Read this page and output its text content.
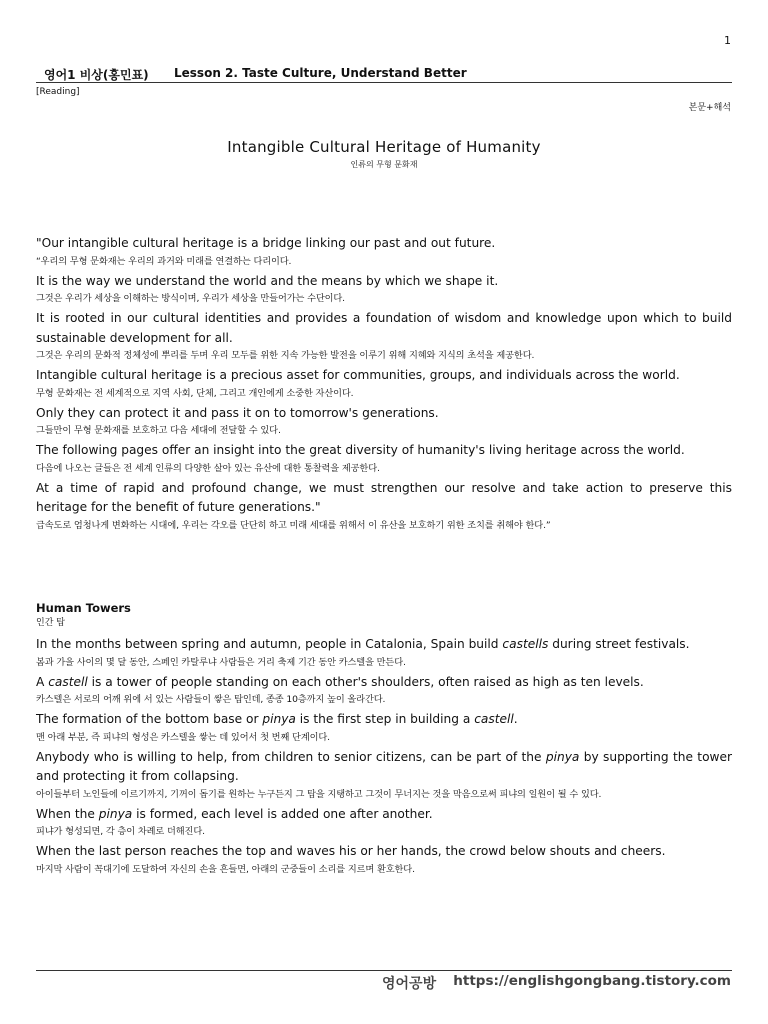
1
영어1 비상(홍민표) Lesson 2. Taste Culture, Understand Better
[Reading]
본문+해석
Intangible Cultural Heritage of Humanity
인류의 무형 문화재
"Our intangible cultural heritage is a bridge linking our past and out future.
“우리의 무형 문화재는 우리의 과거와 미래를 연결하는 다리이다.
It is the way we understand the world and the means by which we shape it.
그것은 우리가 세상을 이해하는 방식이며, 우리가 세상을 만들어가는 수단이다.
It is rooted in our cultural identities and provides a foundation of wisdom and knowledge upon which to build sustainable development for all.
그것은 우리의 문화적 정체성에 뿌리를 두며 우리 모두를 위한 지속 가능한 발전을 이루기 위해 지혜와 지식의 초석을 제공한다.
Intangible cultural heritage is a precious asset for communities, groups, and individuals across the world.
무형 문화재는 전 세계적으로 지역 사회, 단체, 그리고 개인에게 소중한 자산이다.
Only they can protect it and pass it on to tomorrow's generations.
그들만이 무형 문화재를 보호하고 다음 세대에 전달할 수 있다.
The following pages offer an insight into the great diversity of humanity's living heritage across the world.
다음에 나오는 글들은 전 세계 인류의 다양한 살아 있는 유산에 대한 통찰력을 제공한다.
At a time of rapid and profound change, we must strengthen our resolve and take action to preserve this heritage for the benefit of future generations."
급속도로 엄청나게 변화하는 시대에, 우리는 각오를 단단히 하고 미래 세대를 위해서 이 유산을 보호하기 위한 조치를 취해야 한다.”
Human Towers
인간 탑
In the months between spring and autumn, people in Catalonia, Spain build castells during street festivals.
봄과 가을 사이의 몇 달 동안, 스페인 카탈루냐 사람들은 거리 축제 기간 동안 카스텔을 만든다.
A castell is a tower of people standing on each other's shoulders, often raised as high as ten levels.
카스텔은 서로의 어깨 위에 서 있는 사람들이 쌓은 탑인데, 종종 10층까지 높이 올라간다.
The formation of the bottom base or pinya is the first step in building a castell.
맨 아래 부분, 즉 피냐의 형성은 카스텔을 쌓는 데 있어서 첫 번째 단계이다.
Anybody who is willing to help, from children to senior citizens, can be part of the pinya by supporting the tower and protecting it from collapsing.
아이들부터 노인들에 이르기까지, 기꺼이 돕기를 원하는 누구든지 그 탑을 지탱하고 그것이 무너지는 것을 막음으로써 피냐의 일원이 될 수 있다.
When the pinya is formed, each level is added one after another.
피냐가 형성되면, 각 층이 차례로 더해진다.
When the last person reaches the top and waves his or her hands, the crowd below shouts and cheers.
마지막 사람이 꼭대기에 도달하여 자신의 손을 흔들면, 아래의 군중들이 소리를 지르며 환호한다.
영어공방 https://englishgongbang.tistory.com
